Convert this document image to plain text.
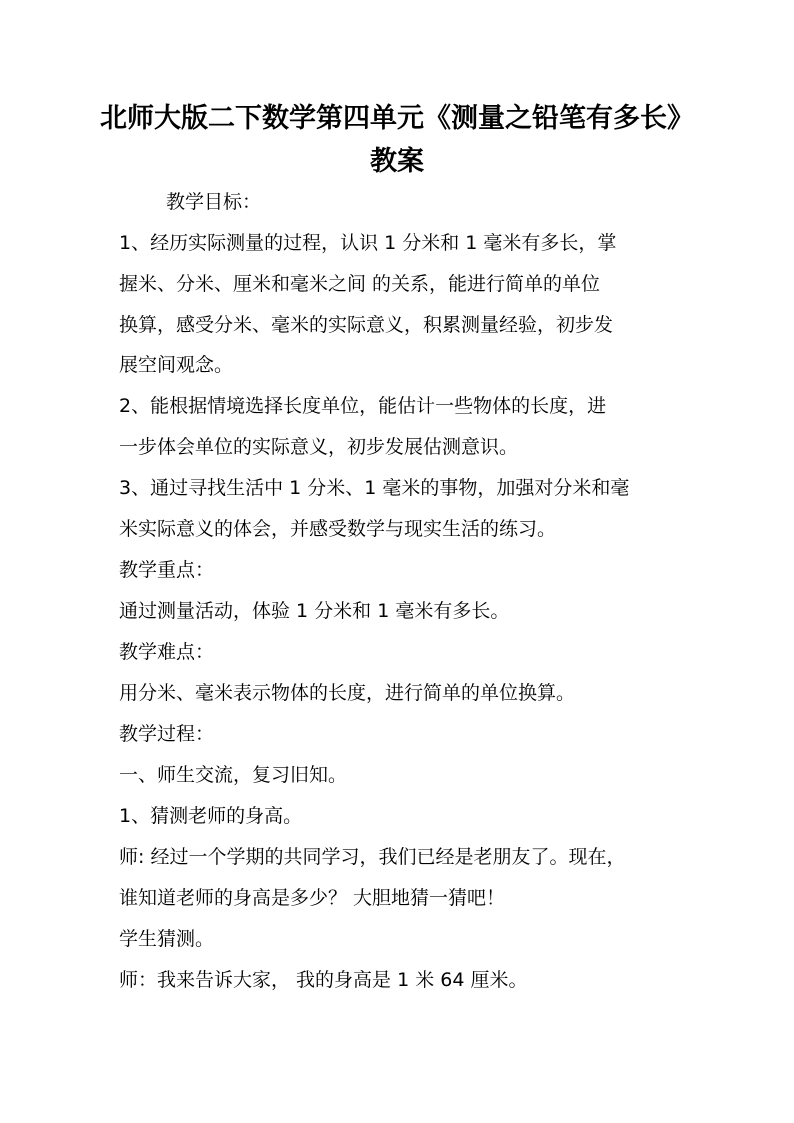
北师大版二下数学第四单元《测量之铅笔有多长》
教案
教学目标：
1、经历实际测量的过程，认识 1 分米和 1 毫米有多长，掌
握米、分米、厘米和毫米之间 的关系，能进行简单的单位
换算，感受分米、毫米的实际意义，积累测量经验，初步发
展空间观念。
2、能根据情境选择长度单位，能估计一些物体的长度，进
一步体会单位的实际意义，初步发展估测意识。
3、通过寻找生活中 1 分米、1 毫米的事物，加强对分米和毫
米实际意义的体会，并感受数学与现实生活的练习。
教学重点：
通过测量活动，体验 1 分米和 1 毫米有多长。
教学难点：
用分米、毫米表示物体的长度，进行简单的单位换算。
教学过程：
一、师生交流，复习旧知。
1、猜测老师的身高。
师: 经过一个学期的共同学习，我们已经是老朋友了。现在，
谁知道老师的身高是多少？ 大胆地猜一猜吧！
学生猜测。
师：我来告诉大家， 我的身高是 1 米 64 厘米。
